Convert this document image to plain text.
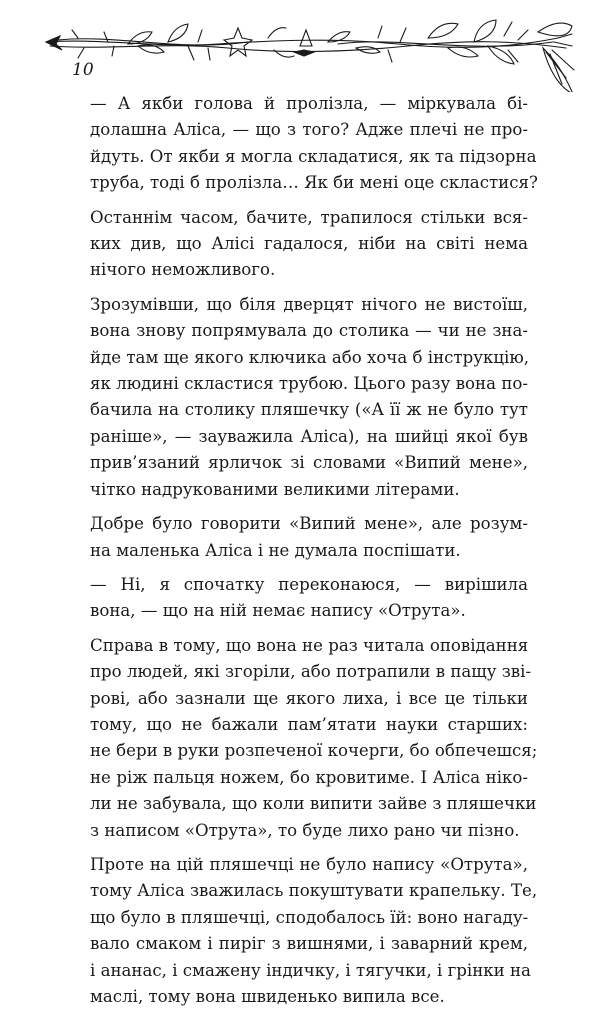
10

— А якби голова й пролізла, — міркувала бі-
долашна Аліса, — що з того? Адже плечі не про-
йдуть. От якби я могла складатися, як та підзорна
труба, тоді б пролізла… Як би мені оце скластися?

Останнім часом, бачите, трапилося стільки вся-
ких див, що Алісі гадалося, ніби на світі нема
нічого неможливого.

Зрозумівши, що біля дверцят нічого не вистоїш,
вона знову попрямувала до столика — чи не зна-
йде там ще якого ключика або хоча б інструкцію,
як людині скластися трубою. Цього разу вона по-
бачила на столику пляшечку («А її ж не було тут
раніше», — зауважила Аліса), на шийці якої був
прив’язаний ярличок зі словами «Випий мене»,
чітко надрукованими великими літерами.

Добре було говорити «Випий мене», але розум-
на маленька Аліса і не думала поспішати.

— Ні, я спочатку переконаюся, — вирішила
вона, — що на ній немає напису «Отрута».

Справа в тому, що вона не раз читала оповідання
про людей, які згоріли, або потрапили в пащу зві-
рові, або зазнали ще якого лиха, і все це тільки
тому, що не бажали пам’ятати науки старших:
не бери в руки розпеченої кочерги, бо обпечешся;
не ріж пальця ножем, бо кровитиме. І Аліса ніко-
ли не забувала, що коли випити зайве з пляшечки
з написом «Отрута», то буде лихо рано чи пізно.

Проте на цій пляшечці не було напису «Отрута»,
тому Аліса зважилась покуштувати крапельку. Те,
що було в пляшечці, сподобалось їй: воно нагаду-
вало смаком і пиріг з вишнями, і заварний крем,
і ананас, і смажену індичку, і тягучки, і грінки на
маслі, тому вона швиденько випила все.
